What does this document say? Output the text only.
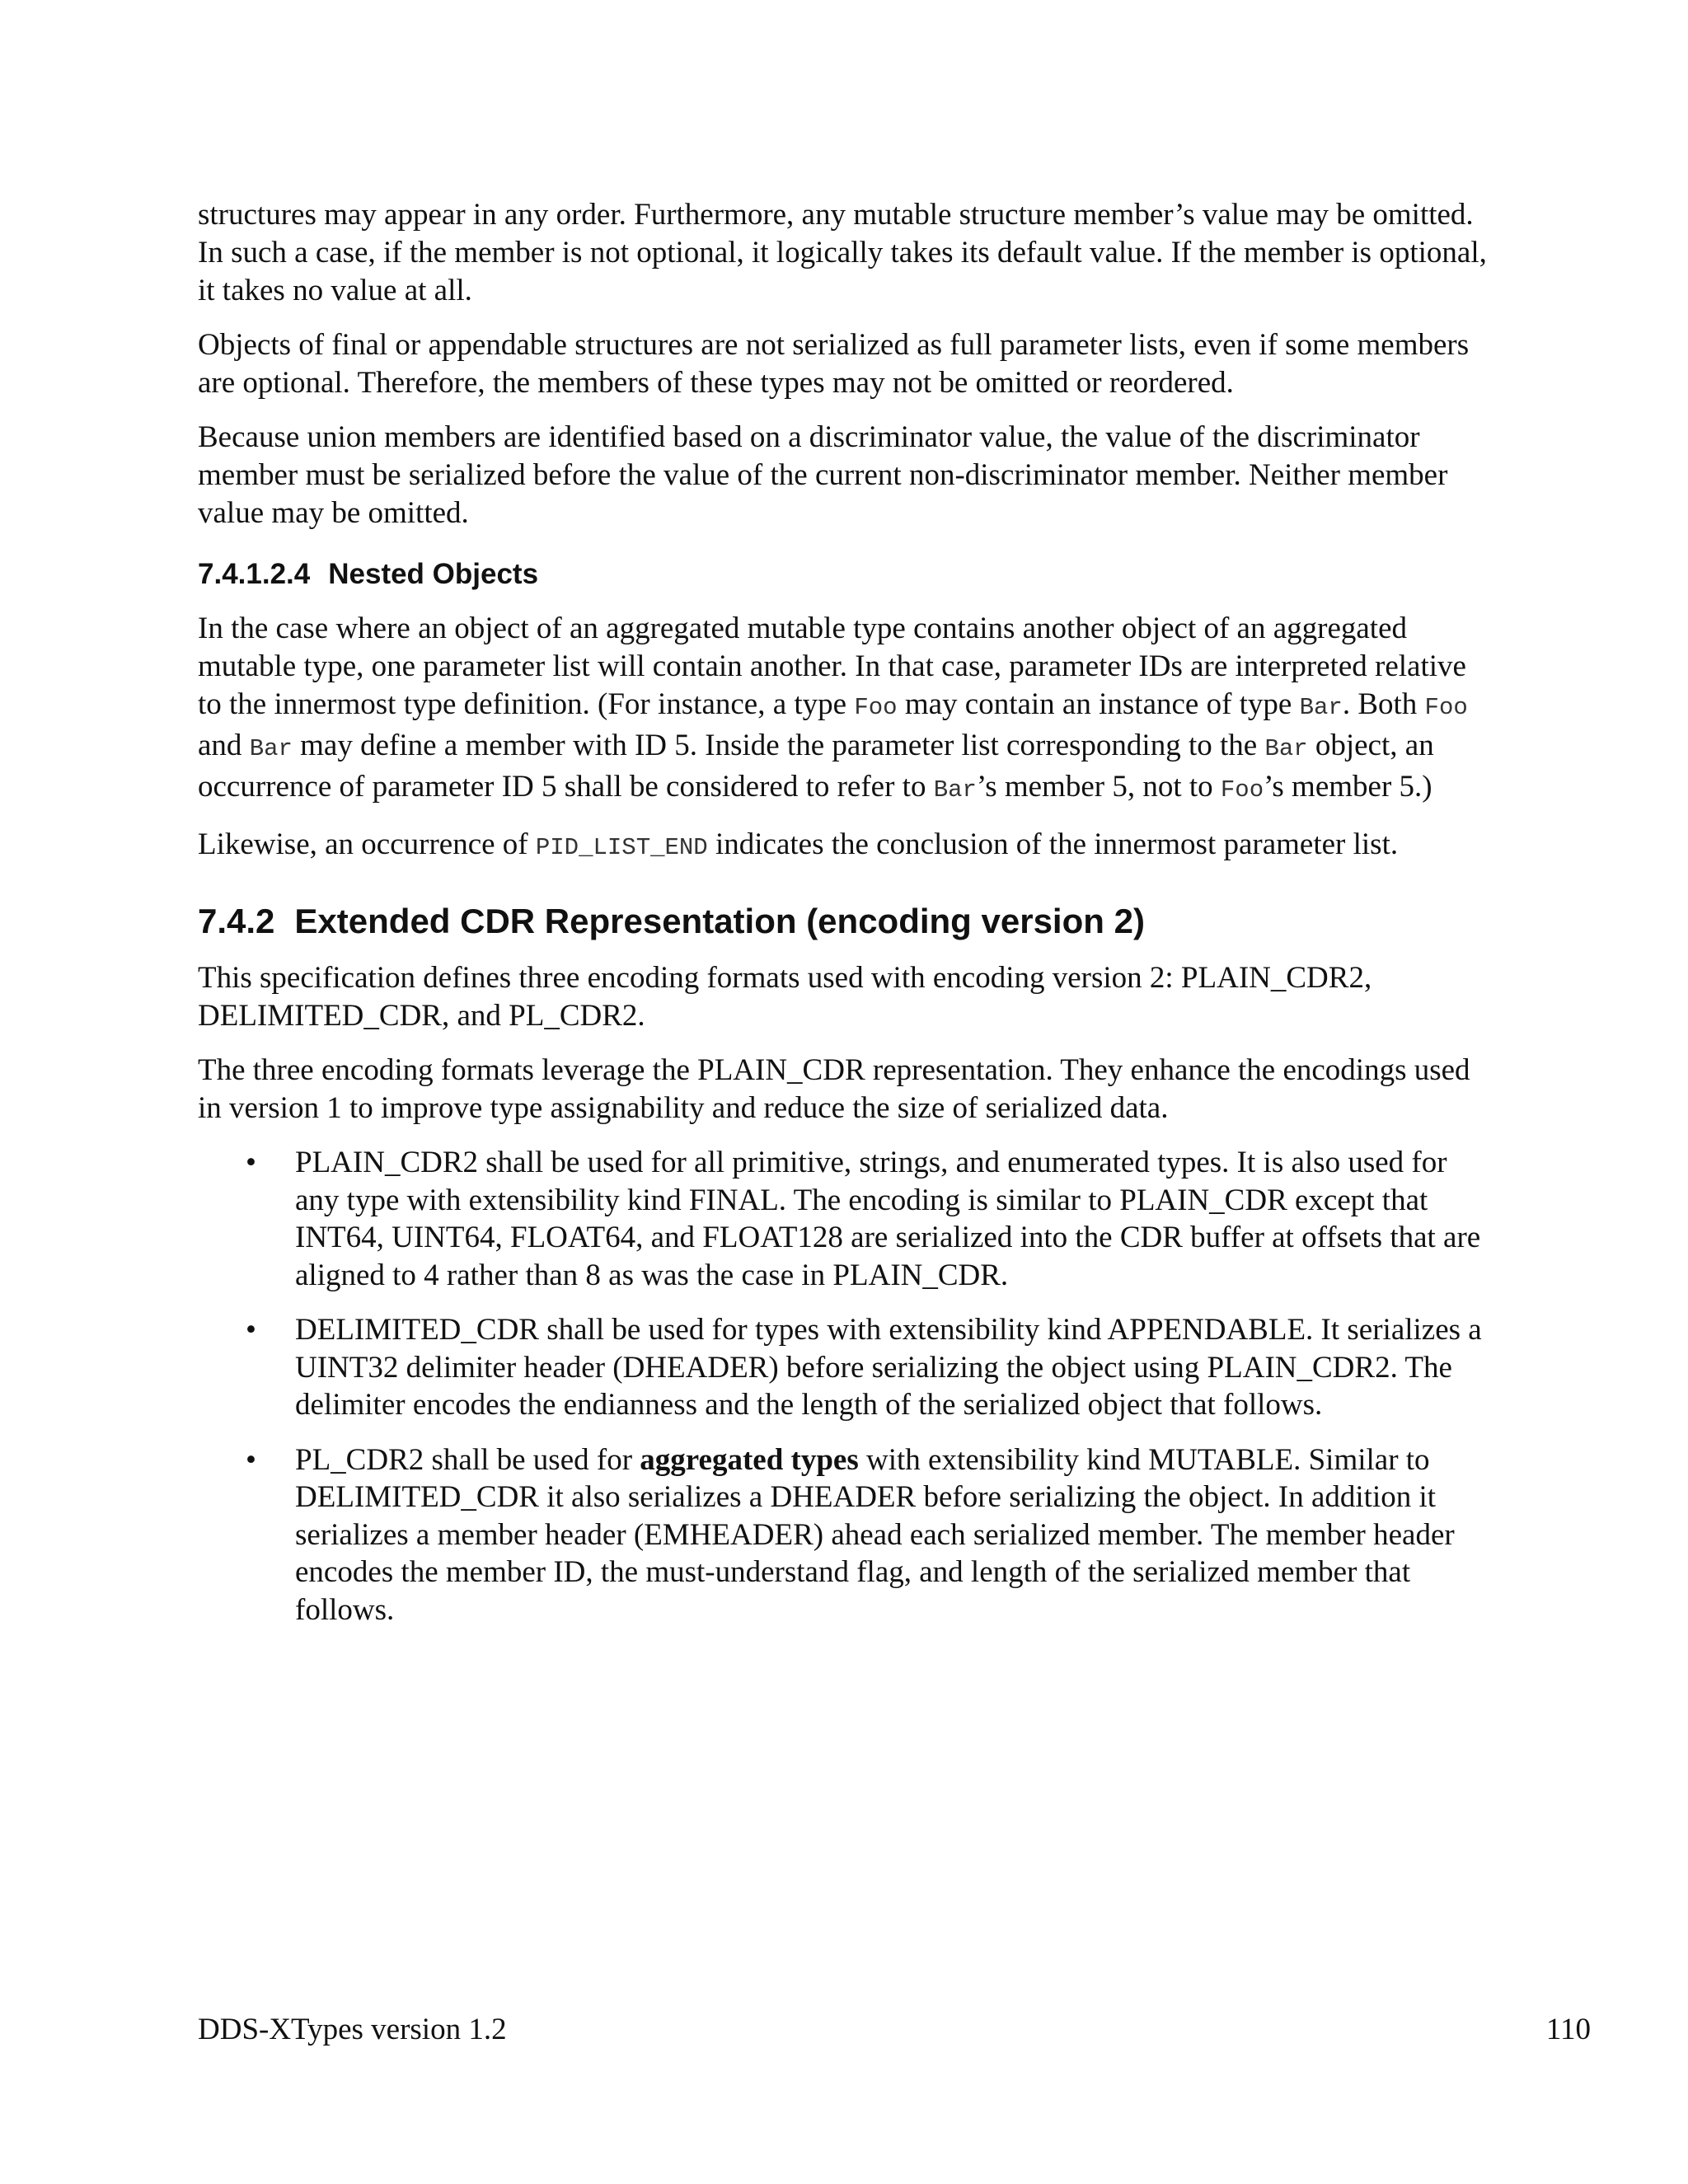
structures may appear in any order. Furthermore, any mutable structure member’s value may be omitted. In such a case, if the member is not optional, it logically takes its default value. If the member is optional, it takes no value at all.

Objects of final or appendable structures are not serialized as full parameter lists, even if some members are optional. Therefore, the members of these types may not be omitted or reordered.

Because union members are identified based on a discriminator value, the value of the discriminator member must be serialized before the value of the current non-discriminator member. Neither member value may be omitted.

7.4.1.2.4 Nested Objects

In the case where an object of an aggregated mutable type contains another object of an aggregated mutable type, one parameter list will contain another. In that case, parameter IDs are interpreted relative to the innermost type definition. (For instance, a type Foo may contain an instance of type Bar. Both Foo and Bar may define a member with ID 5. Inside the parameter list corresponding to the Bar object, an occurrence of parameter ID 5 shall be considered to refer to Bar’s member 5, not to Foo’s member 5.)

Likewise, an occurrence of PID_LIST_END indicates the conclusion of the innermost parameter list.

7.4.2 Extended CDR Representation (encoding version 2)

This specification defines three encoding formats used with encoding version 2: PLAIN_CDR2, DELIMITED_CDR, and PL_CDR2.

The three encoding formats leverage the PLAIN_CDR representation. They enhance the encodings used in version 1 to improve type assignability and reduce the size of serialized data.

• PLAIN_CDR2 shall be used for all primitive, strings, and enumerated types. It is also used for any type with extensibility kind FINAL. The encoding is similar to PLAIN_CDR except that INT64, UINT64, FLOAT64, and FLOAT128 are serialized into the CDR buffer at offsets that are aligned to 4 rather than 8 as was the case in PLAIN_CDR.
• DELIMITED_CDR shall be used for types with extensibility kind APPENDABLE. It serializes a UINT32 delimiter header (DHEADER) before serializing the object using PLAIN_CDR2. The delimiter encodes the endianness and the length of the serialized object that follows.
• PL_CDR2 shall be used for aggregated types with extensibility kind MUTABLE. Similar to DELIMITED_CDR it also serializes a DHEADER before serializing the object. In addition it serializes a member header (EMHEADER) ahead each serialized member. The member header encodes the member ID, the must-understand flag, and length of the serialized member that follows.
DDS-XTypes version 1.2	110
